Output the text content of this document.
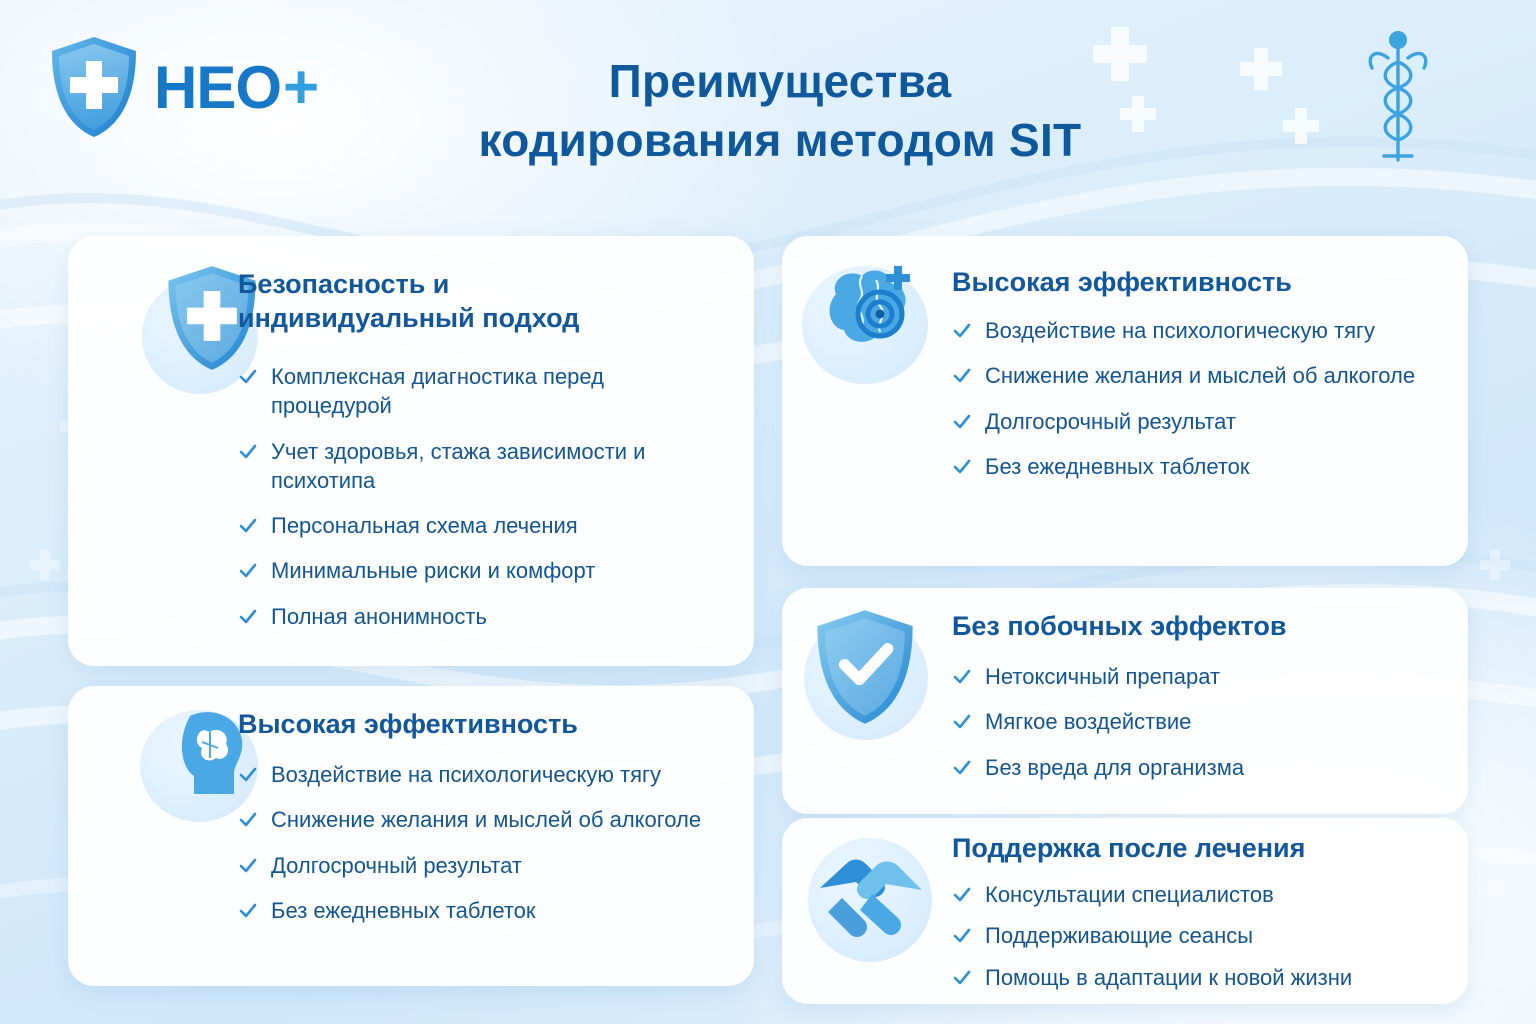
HEO +	Преимущества
кодирования методом SIT
Безопасность и
индивидуальный подход
Комплексная диагностика перед процедурой
Учет здоровья, стажа зависимости и психотипа
Персональная схема лечения
Минимальные риски и комфорт
Полная анонимность
Высокая эффективность
Воздействие на психологическую тягу
Снижение желания и мыслей об алкоголе
Долгосрочный результат
Без ежедневных таблеток
Без побочных эффектов
Нетоксичный препарат
Мягкое воздействие
Без вреда для организма
Высокая эффективность
Воздействие на психологическую тягу
Снижение желания и мыслей об алкоголе
Долгосрочный результат
Без ежедневных таблеток
Поддержка после лечения
Консультации специалистов
Поддерживающие сеансы
Помощь в адаптации к новой жизни
